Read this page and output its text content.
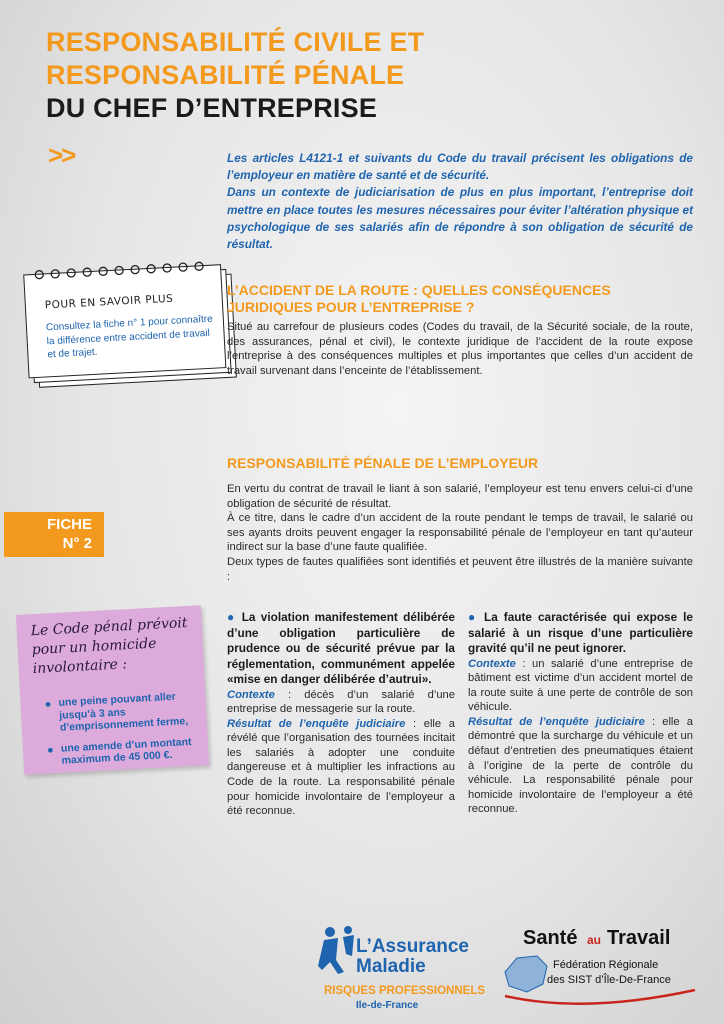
RESPONSABILITÉ CIVILE ET
RESPONSABILITÉ PÉNALE
DU CHEF D’ENTREPRISE
>>	Les articles L4121-1 et suivants du Code du travail précisent les obligations de l’employeur en matière de santé et de sécurité.

Dans un contexte de judiciarisation de plus en plus important, l’entreprise doit mettre en place toutes les mesures nécessaires pour éviter l’altération physique et psychologique de ses salariés afin de répondre à son obligation de sécurité de résultat.

POUR EN SAVOIR PLUS
Consultez la fiche n° 1 pour connaître la différence entre accident de travail et de trajet.
L’ACCIDENT DE LA ROUTE : QUELLES CONSÉQUENCES JURIDIQUES POUR L’ENTREPRISE ?
Situé au carrefour de plusieurs codes (Codes du travail, de la Sécurité sociale, de la route, des assurances, pénal et civil), le contexte juridique de l’accident de la route expose l’entreprise à des conséquences multiples et plus importantes que celles d’un accident de travail survenant dans l’enceinte de l’établissement.
RESPONSABILITÉ PÉNALE DE L’EMPLOYEUR

En vertu du contrat de travail le liant à son salarié, l’employeur est tenu envers celui-ci d’une obligation de sécurité de résultat.

À ce titre, dans le cadre d’un accident de la route pendant le temps de travail, le salarié ou ses ayants droits peuvent engager la responsabilité pénale de l’employeur en tant qu’auteur indirect sur la base d’une faute qualifiée.

Deux types de fautes qualifiées sont identifiés et peuvent être illustrés de la manière suivante :

FICHE
N° 2
Le Code pénal prévoit pour un homicide involontaire :
● une peine pouvant aller jusqu’à 3 ans d’emprisonnement ferme,
● une amende d’un montant maximum de 45 000 €.

● La violation manifestement délibérée d’une obligation particulière de prudence ou de sécurité prévue par la réglementation, communément appelée «mise en danger délibérée d’autrui».

Contexte : décès d’un salarié d’une entreprise de messagerie sur la route.

Résultat de l’enquête judiciaire : elle a révélé que l’organisation des tournées incitait les salariés à adopter une conduite dangereuse et à multiplier les infractions au Code de la route. La responsabilité pénale pour homicide involontaire de l’employeur a été reconnue.

● La faute caractérisée qui expose le salarié à un risque d’une particulière gravité qu’il ne peut ignorer.

Contexte : un salarié d’une entreprise de bâtiment est victime d’un accident mortel de la route suite à une perte de contrôle de son véhicule.

Résultat de l’enquête judiciaire : elle a démontré que la surcharge du véhicule et un défaut d’entretien des pneumatiques étaient à l’origine de la perte de contrôle du véhicule. La responsabilité pénale pour homicide involontaire de l’employeur a été reconnue.

L’Assurance
Maladie
RISQUES PROFESSIONNELS
Ile-de-France
Santé au Travail
Fédération Régionale
des SIST d’Île-De-France
